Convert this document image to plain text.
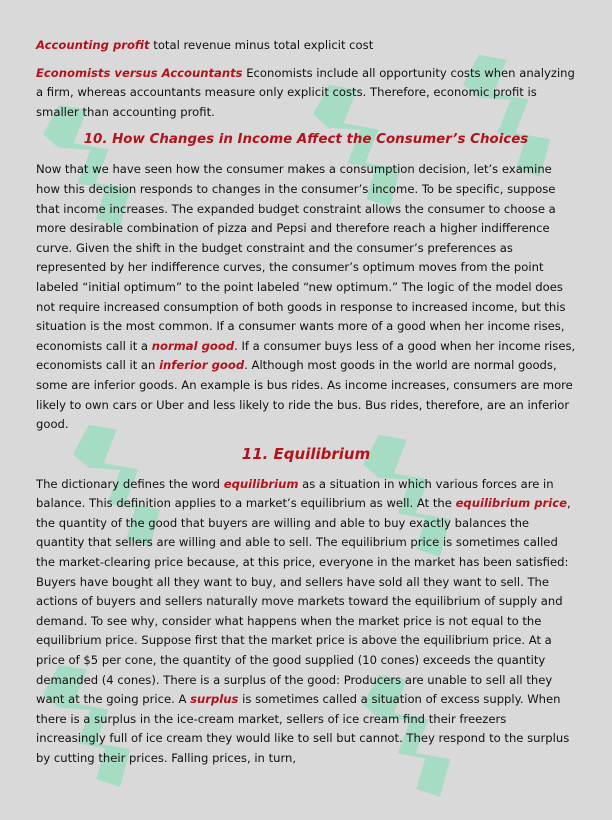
Accounting profit total revenue minus total explicit cost

Economists versus Accountants Economists include all opportunity costs when analyzing a firm, whereas accountants measure only explicit costs. Therefore, economic profit is smaller than accounting profit.

10. How Changes in Income Affect the Consumer’s Choices

Now that we have seen how the consumer makes a consumption decision, let’s examine how this decision responds to changes in the consumer’s income. To be specific, suppose that income increases. The expanded budget constraint allows the consumer to choose a more desirable combination of pizza and Pepsi and therefore reach a higher indifference curve. Given the shift in the budget constraint and the consumer’s preferences as represented by her indifference curves, the consumer’s optimum moves from the point labeled “initial optimum” to the point labeled “new optimum.” The logic of the model does not require increased consumption of both goods in response to increased income, but this situation is the most common. If a consumer wants more of a good when her income rises, economists call it a normal good. If a consumer buys less of a good when her income rises, economists call it an inferior good. Although most goods in the world are normal goods, some are inferior goods. An example is bus rides. As income increases, consumers are more likely to own cars or Uber and less likely to ride the bus. Bus rides, therefore, are an inferior good.

11. Equilibrium

The dictionary defines the word equilibrium as a situation in which various forces are in balance. This definition applies to a market’s equilibrium as well. At the equilibrium price, the quantity of the good that buyers are willing and able to buy exactly balances the quantity that sellers are willing and able to sell. The equilibrium price is sometimes called the market-clearing price because, at this price, everyone in the market has been satisfied: Buyers have bought all they want to buy, and sellers have sold all they want to sell. The actions of buyers and sellers naturally move markets toward the equilibrium of supply and demand. To see why, consider what happens when the market price is not equal to the equilibrium price. Suppose first that the market price is above the equilibrium price. At a price of $5 per cone, the quantity of the good supplied (10 cones) exceeds the quantity demanded (4 cones). There is a surplus of the good: Producers are unable to sell all they want at the going price. A surplus is sometimes called a situation of excess supply. When there is a surplus in the ice-cream market, sellers of ice cream find their freezers increasingly full of ice cream they would like to sell but cannot. They respond to the surplus by cutting their prices. Falling prices, in turn,
